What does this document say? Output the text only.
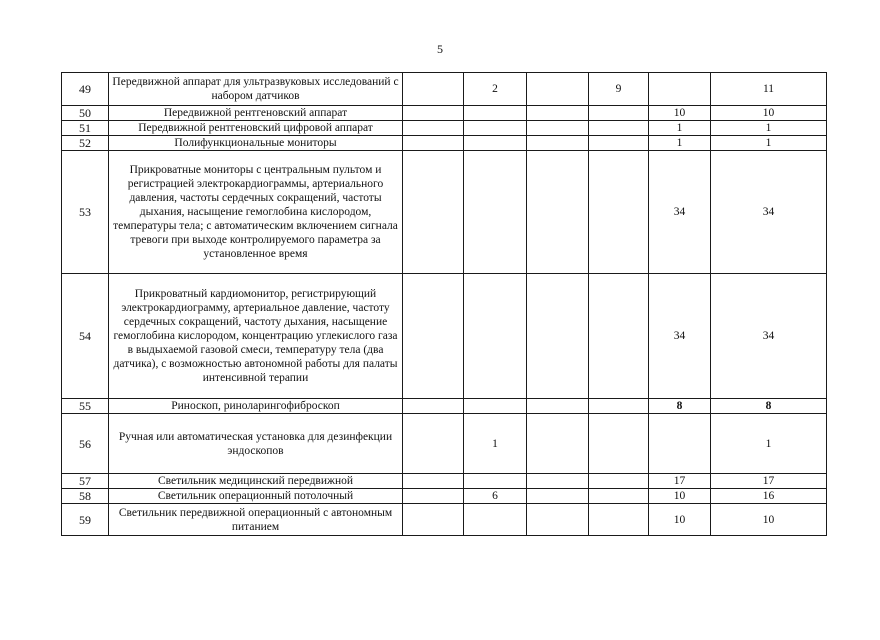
5
49	Передвижной аппарат для ультразвуковых исследований с набором датчиков		2		9		11
50	Передвижной рентгеновский аппарат					10	10
51	Передвижной рентгеновский цифровой аппарат					1	1
52	Полифункциональные мониторы					1	1
53	Прикроватные мониторы с центральным пультом и регистрацией электрокардиограммы, артериального давления, частоты сердечных сокращений, частоты дыхания, насыщение гемоглобина кислородом, температуры тела; с автоматическим включением сигнала тревоги при выходе контролируемого параметра за установленное время					34	34
54	Прикроватный кардиомонитор, регистрирующий электрокардиограмму, артериальное давление, частоту сердечных сокращений, частоту дыхания, насыщение гемоглобина кислородом, концентрацию углекислого газа в выдыхаемой газовой смеси, температуру тела (два датчика), с возможностью автономной работы для палаты интенсивной терапии					34	34
55	Риноскоп, риноларингофиброскоп					8	8
56	Ручная или автоматическая установка для дезинфекции эндоскопов		1				1
57	Светильник медицинский передвижной					17	17
58	Светильник операционный потолочный		6			10	16
59	Светильник передвижной операционный с автономным питанием					10	10
